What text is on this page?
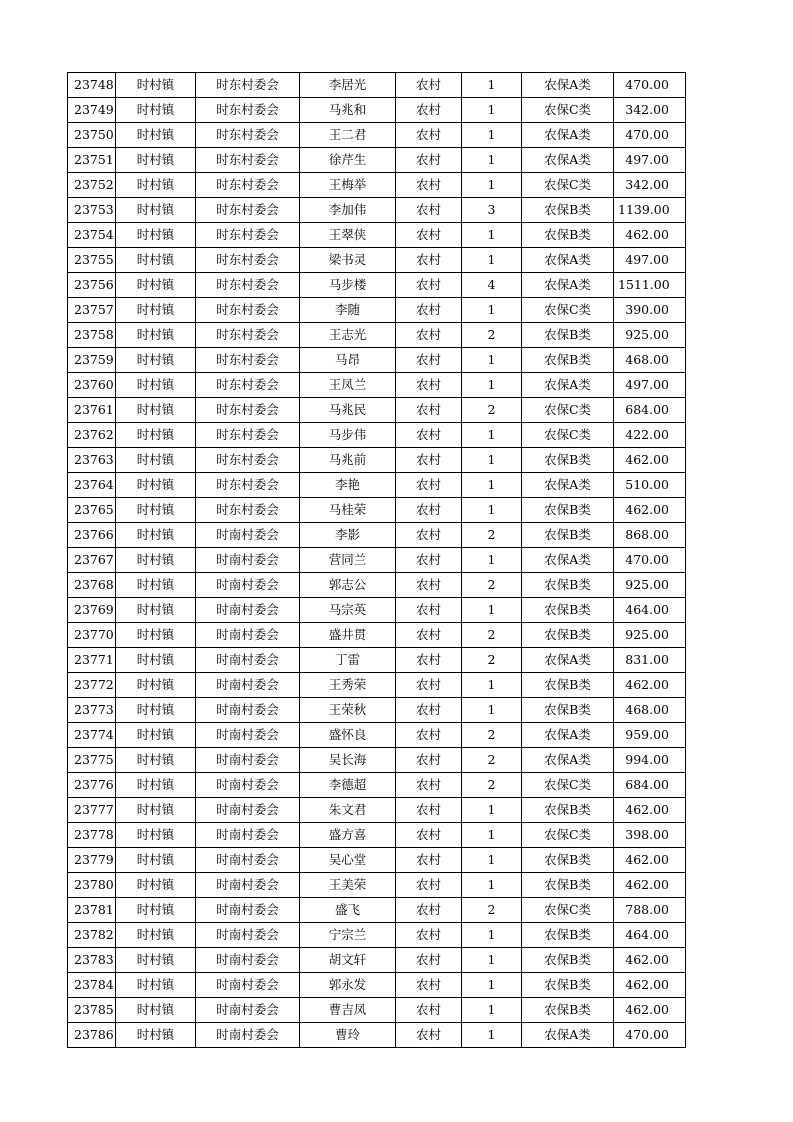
23748	时村镇	时东村委会	李居光	农村	1	农保A类	470.00
23749	时村镇	时东村委会	马兆和	农村	1	农保C类	342.00
23750	时村镇	时东村委会	王二君	农村	1	农保A类	470.00
23751	时村镇	时东村委会	徐芹生	农村	1	农保A类	497.00
23752	时村镇	时东村委会	王梅举	农村	1	农保C类	342.00
23753	时村镇	时东村委会	李加伟	农村	3	农保B类	1139.00
23754	时村镇	时东村委会	王翠侠	农村	1	农保B类	462.00
23755	时村镇	时东村委会	梁书灵	农村	1	农保A类	497.00
23756	时村镇	时东村委会	马步楼	农村	4	农保A类	1511.00
23757	时村镇	时东村委会	李随	农村	1	农保C类	390.00
23758	时村镇	时东村委会	王志光	农村	2	农保B类	925.00
23759	时村镇	时东村委会	马昂	农村	1	农保B类	468.00
23760	时村镇	时东村委会	王凤兰	农村	1	农保A类	497.00
23761	时村镇	时东村委会	马兆民	农村	2	农保C类	684.00
23762	时村镇	时东村委会	马步伟	农村	1	农保C类	422.00
23763	时村镇	时东村委会	马兆前	农村	1	农保B类	462.00
23764	时村镇	时东村委会	李艳	农村	1	农保A类	510.00
23765	时村镇	时东村委会	马桂荣	农村	1	农保B类	462.00
23766	时村镇	时南村委会	李影	农村	2	农保B类	868.00
23767	时村镇	时南村委会	营同兰	农村	1	农保A类	470.00
23768	时村镇	时南村委会	郭志公	农村	2	农保B类	925.00
23769	时村镇	时南村委会	马宗英	农村	1	农保B类	464.00
23770	时村镇	时南村委会	盛井贯	农村	2	农保B类	925.00
23771	时村镇	时南村委会	丁雷	农村	2	农保A类	831.00
23772	时村镇	时南村委会	王秀荣	农村	1	农保B类	462.00
23773	时村镇	时南村委会	王荣秋	农村	1	农保B类	468.00
23774	时村镇	时南村委会	盛怀良	农村	2	农保A类	959.00
23775	时村镇	时南村委会	吴长海	农村	2	农保A类	994.00
23776	时村镇	时南村委会	李德超	农村	2	农保C类	684.00
23777	时村镇	时南村委会	朱文君	农村	1	农保B类	462.00
23778	时村镇	时南村委会	盛方喜	农村	1	农保C类	398.00
23779	时村镇	时南村委会	吴心堂	农村	1	农保B类	462.00
23780	时村镇	时南村委会	王美荣	农村	1	农保B类	462.00
23781	时村镇	时南村委会	盛飞	农村	2	农保C类	788.00
23782	时村镇	时南村委会	宁宗兰	农村	1	农保B类	464.00
23783	时村镇	时南村委会	胡文轩	农村	1	农保B类	462.00
23784	时村镇	时南村委会	郭永发	农村	1	农保B类	462.00
23785	时村镇	时南村委会	曹吉凤	农村	1	农保B类	462.00
23786	时村镇	时南村委会	曹玲	农村	1	农保A类	470.00
